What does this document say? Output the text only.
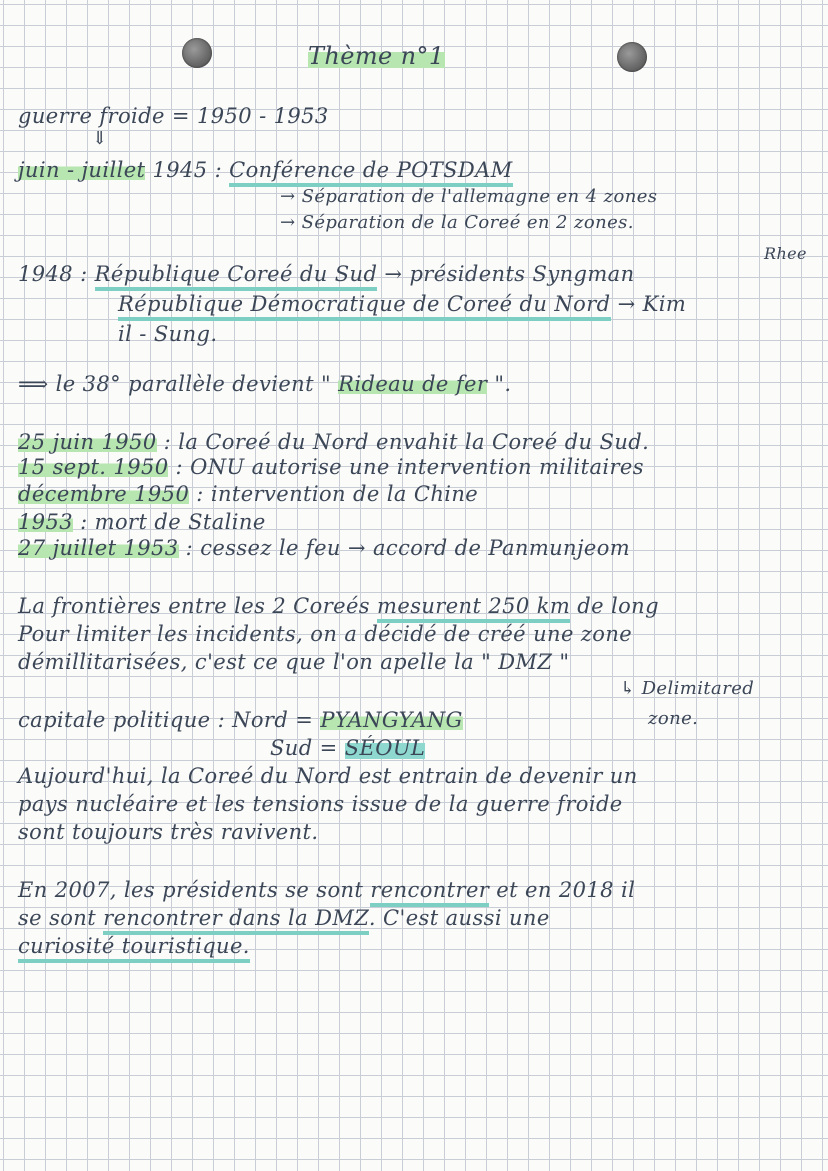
Thème n°1
guerre froide = 1950 - 1953
⇓
juin - juillet 1945 : Conférence de POTSDAM
→ Séparation de l'allemagne en 4 zones
→ Séparation de la Coreé en 2 zones.
Rhee
1948 : République Coreé du Sud → présidents Syngman
République Démocratique de Coreé du Nord → Kim
il - Sung.
⟹ le 38° parallèle devient " Rideau de fer ".
25 juin 1950 : la Coreé du Nord envahit la Coreé du Sud.
15 sept. 1950 : ONU autorise une intervention militaires
décembre 1950 : intervention de la Chine
1953 : mort de Staline
27 juillet 1953 : cessez le feu → accord de Panmunjeom
La frontières entre les 2 Coreés mesurent 250 km de long
Pour limiter les incidents, on a décidé de créé une zone
démillitarisées, c'est ce que l'on apelle la " DMZ "
↳ Delimitared
capitale politique : Nord = PYANGYANG	zone.
Sud = SÉOUL
Aujourd'hui, la Coreé du Nord est entrain de devenir un
pays nucléaire et les tensions issue de la guerre froide
sont toujours très ravivent.
En 2007, les présidents se sont rencontrer et en 2018 il
se sont rencontrer dans la DMZ. C'est aussi une
curiosité touristique.
